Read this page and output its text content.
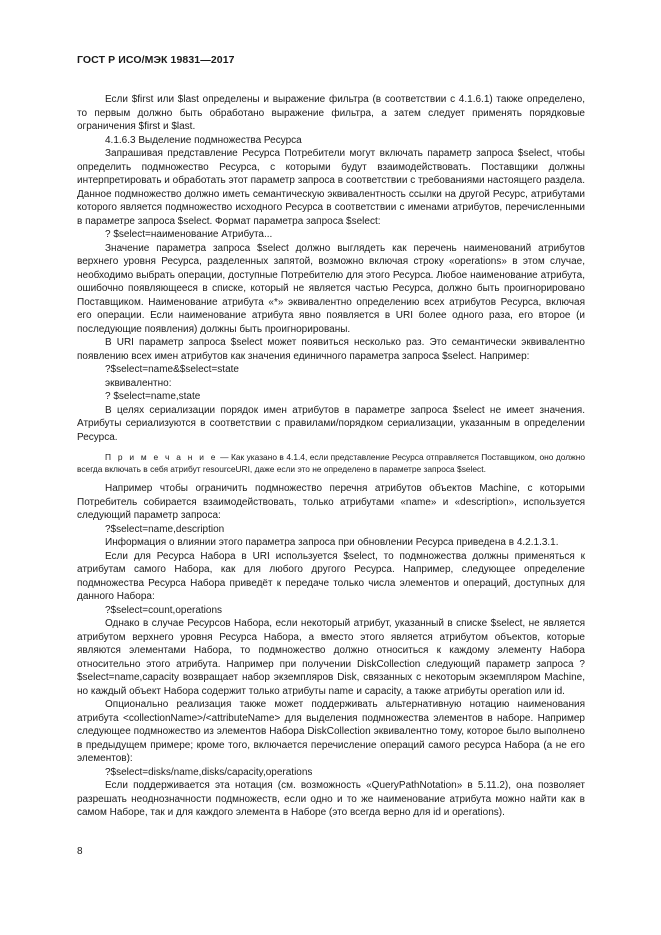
ГОСТ Р ИСО/МЭК 19831—2017

Если $first или $last определены и выражение фильтра (в соответствии с 4.1.6.1) также определено, то первым должно быть обработано выражение фильтра, а затем следует применять порядковые ограничения $first и $last.

4.1.6.3 Выделение подмножества Ресурса

Запрашивая представление Ресурса Потребители могут включать параметр запроса $select, чтобы определить подмножество Ресурса, с которыми будут взаимодействовать. Поставщики должны интерпретировать и обработать этот параметр запроса в соответствии с требованиями настоящего раздела. Данное подмножество должно иметь семантическую эквивалентность ссылки на другой Ресурс, атрибутами которого является подмножество исходного Ресурса в соответствии с именами атрибутов, перечисленными в параметре запроса $select. Формат параметра запроса $select:

? $select=наименование Атрибута...

Значение параметра запроса $select должно выглядеть как перечень наименований атрибутов верхнего уровня Ресурса, разделенных запятой, возможно включая строку «operations» в этом случае, необходимо выбрать операции, доступные Потребителю для этого Ресурса. Любое наименование атрибута, ошибочно появляющееся в списке, который не является частью Ресурса, должно быть проигнорировано Поставщиком. Наименование атрибута «*» эквивалентно определению всех атрибутов Ресурса, включая его операции. Если наименование атрибута явно появляется в URI более одного раза, его второе (и последующие появления) должны быть проигнорированы.

В URI параметр запроса $select может появиться несколько раз. Это семантически эквивалентно появлению всех имен атрибутов как значения единичного параметра запроса $select. Например:

?$select=name&$select=state

эквивалентно:

? $select=name,state

В целях сериализации порядок имен атрибутов в параметре запроса $select не имеет значения. Атрибуты сериализуются в соответствии с правилами/порядком сериализации, указанным в определении Ресурса.

П р и м е ч а н и е — Как указано в 4.1.4, если представление Ресурса отправляется Поставщиком, оно должно всегда включать в себя атрибут resourceURI, даже если это не определено в параметре запроса $select.

Например чтобы ограничить подмножество перечня атрибутов объектов Machine, с которыми Потребитель собирается взаимодействовать, только атрибутами «name» и «description», используется следующий параметр запроса:

?$select=name,description

Информация о влиянии этого параметра запроса при обновлении Ресурса приведена в 4.2.1.3.1.

Если для Ресурса Набора в URI используется $select, то подмножества должны применяться к атрибутам самого Набора, как для любого другого Ресурса. Например, следующее определение подмножества Ресурса Набора приведёт к передаче только числа элементов и операций, доступных для данного Набора:

?$select=count,operations

Однако в случае Ресурсов Набора, если некоторый атрибут, указанный в списке $select, не является атрибутом верхнего уровня Ресурса Набора, а вместо этого является атрибутом объектов, которые являются элементами Набора, то подмножество должно относиться к каждому элементу Набора относительно этого атрибута. Например при получении DiskCollection следующий параметр запроса ?$select=name,capacity возвращает набор экземпляров Disk, связанных с некоторым экземпляром Machine, но каждый объект Набора содержит только атрибуты name и capacity, а также атрибуты operation или id.

Опционально реализация также может поддерживать альтернативную нотацию наименования атрибута <collectionName>/<attributeName> для выделения подмножества элементов в наборе. Например следующее подмножество из элементов Набора DiskCollection эквивалентно тому, которое было выполнено в предыдущем примере; кроме того, включается перечисление операций самого ресурса Набора (а не его элементов):

?$select=disks/name,disks/capacity,operations

Если поддерживается эта нотация (см. возможность «QueryPathNotation» в 5.11.2), она позволяет разрешать неоднозначности подмножеств, если одно и то же наименование атрибута можно найти как в самом Наборе, так и для каждого элемента в Наборе (это всегда верно для id и operations).

8
